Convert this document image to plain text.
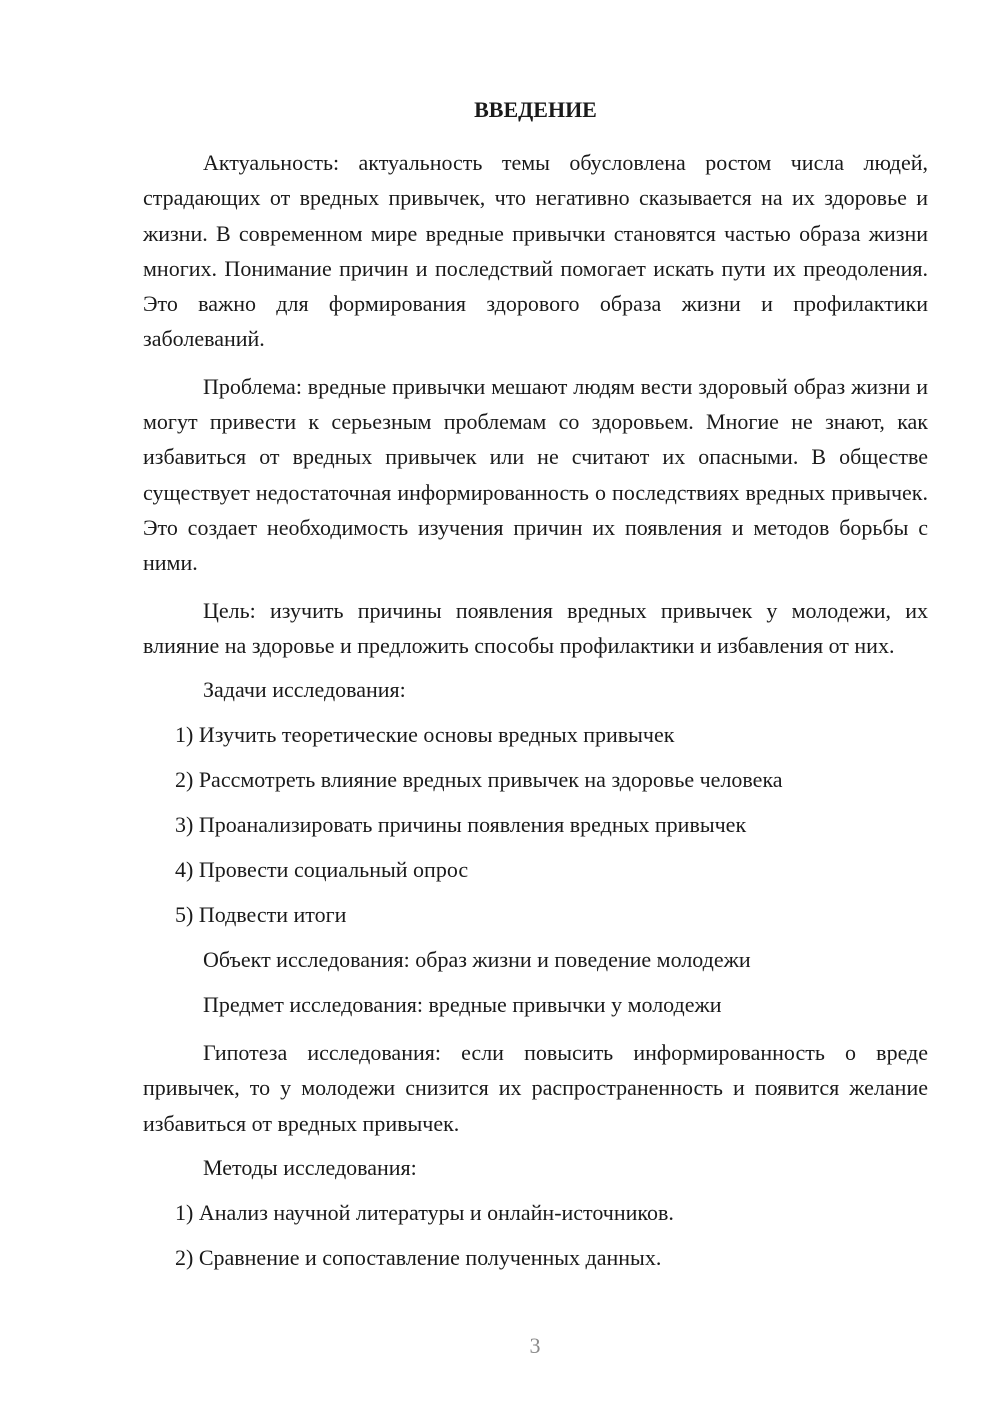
ВВЕДЕНИЕ

Актуальность: актуальность темы обусловлена ростом числа людей, страдающих от вредных привычек, что негативно сказывается на их здоровье и жизни. В современном мире вредные привычки становятся частью образа жизни многих. Понимание причин и последствий помогает искать пути их преодоления. Это важно для формирования здорового образа жизни и профилактики заболеваний.

Проблема: вредные привычки мешают людям вести здоровый образ жизни и могут привести к серьезным проблемам со здоровьем. Многие не знают, как избавиться от вредных привычек или не считают их опасными. В обществе существует недостаточная информированность о последствиях вредных привычек. Это создает необходимость изучения причин их появления и методов борьбы с ними.

Цель: изучить причины появления вредных привычек у молодежи, их влияние на здоровье и предложить способы профилактики и избавления от них.

Задачи исследования:
1) Изучить теоретические основы вредных привычек
2) Рассмотреть влияние вредных привычек на здоровье человека
3) Проанализировать причины появления вредных привычек
4) Провести социальный опрос
5) Подвести итоги
Объект исследования: образ жизни и поведение молодежи
Предмет исследования: вредные привычки у молодежи

Гипотеза исследования: если повысить информированность о вреде привычек, то у молодежи снизится их распространенность и появится желание избавиться от вредных привычек.

Методы исследования:
1) Анализ научной литературы и онлайн-источников.
2) Сравнение и сопоставление полученных данных.
3
